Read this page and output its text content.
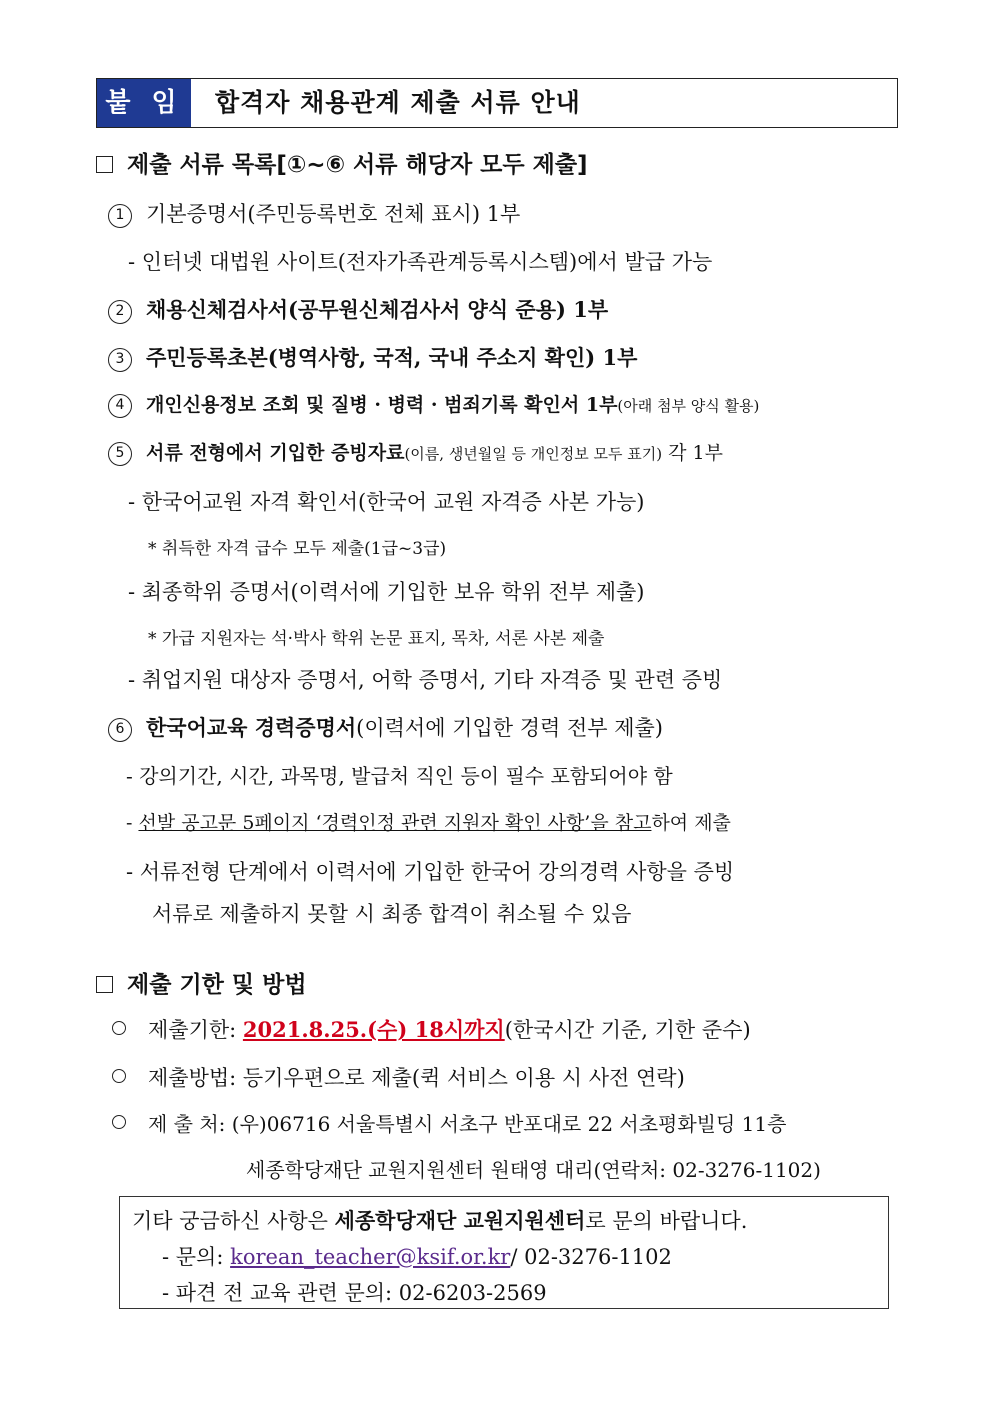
붙 임	합격자 채용관계 제출 서류 안내
제출 서류 목록[①~⑥ 서류 해당자 모두 제출]
1 기본증명서(주민등록번호 전체 표시) 1부
- 인터넷 대법원 사이트(전자가족관계등록시스템)에서 발급 가능
2 채용신체검사서(공무원신체검사서 양식 준용) 1부
3 주민등록초본(병역사항, 국적, 국내 주소지 확인) 1부
4 개인신용정보 조회 및 질병 · 병력 · 범죄기록 확인서 1부(아래 첨부 양식 활용)
5 서류 전형에서 기입한 증빙자료(이름, 생년월일 등 개인정보 모두 표기) 각 1부
- 한국어교원 자격 확인서(한국어 교원 자격증 사본 가능)
* 취득한 자격 급수 모두 제출(1급~3급)
- 최종학위 증명서(이력서에 기입한 보유 학위 전부 제출)
* 가급 지원자는 석·박사 학위 논문 표지, 목차, 서론 사본 제출
- 취업지원 대상자 증명서, 어학 증명서, 기타 자격증 및 관련 증빙
6 한국어교육 경력증명서(이력서에 기입한 경력 전부 제출)
- 강의기간, 시간, 과목명, 발급처 직인 등이 필수 포함되어야 함
- 선발 공고문 5페이지 ‘경력인정 관련 지원자 확인 사항’을 참고하여 제출
- 서류전형 단계에서 이력서에 기입한 한국어 강의경력 사항을 증빙
서류로 제출하지 못할 시 최종 합격이 취소될 수 있음
제출 기한 및 방법
제출기한: 2021.8.25.(수) 18시까지(한국시간 기준, 기한 준수)
제출방법: 등기우편으로 제출(퀵 서비스 이용 시 사전 연락)
제 출 처: (우)06716 서울특별시 서초구 반포대로 22 서초평화빌딩 11층
세종학당재단 교원지원센터 원태영 대리(연락처: 02-3276-1102)
기타 궁금하신 사항은 세종학당재단 교원지원센터로 문의 바랍니다.
- 문의: korean_teacher@ksif.or.kr/ 02-3276-1102
- 파견 전 교육 관련 문의: 02-6203-2569
